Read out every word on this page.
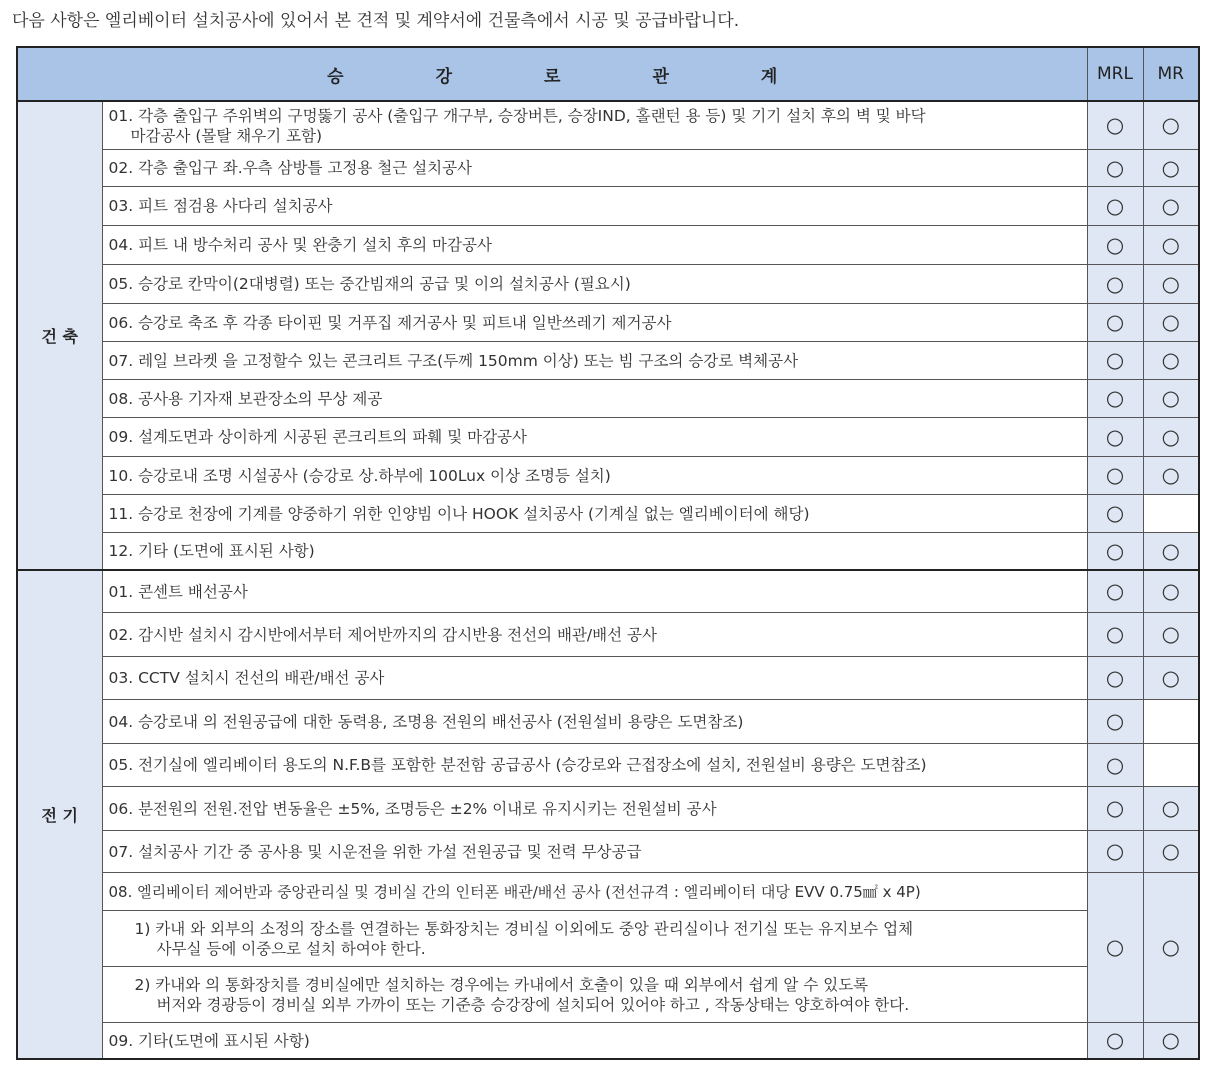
다음 사항은 엘리베이터 설치공사에 있어서 본 견적 및 계약서에 건물측에서 시공 및 공급바랍니다.
승 강 로 관 계		MRL	MR
건 축	01. 각층 출입구 주위벽의 구멍뚫기 공사 (출입구 개구부, 승장버튼, 승장IND, 홀랜턴 용 등) 및 기기 설치 후의 벽 및 바닥
마감공사 (몰탈 채우기 포함)	○	○
	02. 각층 출입구 좌.우측 삼방틀 고정용 철근 설치공사	○	○
	03. 피트 점검용 사다리 설치공사	○	○
	04. 피트 내 방수처리 공사 및 완충기 설치 후의 마감공사	○	○
	05. 승강로 칸막이(2대병렬) 또는 중간빔재의 공급 및 이의 설치공사 (필요시)	○	○
	06. 승강로 축조 후 각종 타이핀 및 거푸집 제거공사 및 피트내 일반쓰레기 제거공사	○	○
	07. 레일 브라켓 을 고정할수 있는 콘크리트 구조(두께 150mm 이상) 또는 빔 구조의 승강로 벽체공사	○	○
	08. 공사용 기자재 보관장소의 무상 제공	○	○
	09. 설계도면과 상이하게 시공된 콘크리트의 파훼 및 마감공사	○	○
	10. 승강로내 조명 시설공사 (승강로 상.하부에 100Lux 이상 조명등 설치)	○	○
	11. 승강로 천장에 기계를 양중하기 위한 인양빔 이나 HOOK 설치공사 (기계실 없는 엘리베이터에 해당)	○	
	12. 기타 (도면에 표시된 사항)	○	○
전 기	01. 콘센트 배선공사	○	○
	02. 감시반 설치시 감시반에서부터 제어반까지의 감시반용 전선의 배관/배선 공사	○	○
	03. CCTV 설치시 전선의 배관/배선 공사	○	○
	04. 승강로내 의 전원공급에 대한 동력용, 조명용 전원의 배선공사 (전원설비 용량은 도면참조)	○	
	05. 전기실에 엘리베이터 용도의 N.F.B를 포함한 분전함 공급공사 (승강로와 근접장소에 설치, 전원설비 용량은 도면참조)	○	
	06. 분전원의 전원.전압 변동율은 ±5%, 조명등은 ±2% 이내로 유지시키는 전원설비 공사	○	○
	07. 설치공사 기간 중 공사용 및 시운전을 위한 가설 전원공급 및 전력 무상공급	○	○
	08. 엘리베이터 제어반과 중앙관리실 및 경비실 간의 인터폰 배관/배선 공사 (전선규격 : 엘리베이터 대당 EVV 0.75㎟ x 4P)	○	○
	1) 카내 와 외부의 소정의 장소를 연결하는 통화장치는 경비실 이외에도 중앙 관리실이나 전기실 또는 유지보수 업체
사무실 등에 이중으로 설치 하여야 한다.		

	2) 카내와 의 통화장치를 경비실에만 설치하는 경우에는 카내에서 호출이 있을 때 외부에서 쉽게 알 수 있도록
버저와 경광등이 경비실 외부 가까이 또는 기준층 승강장에 설치되어 있어야 하고 , 작동상태는 양호하여야 한다.		

	09. 기타(도면에 표시된 사항)	○	○
